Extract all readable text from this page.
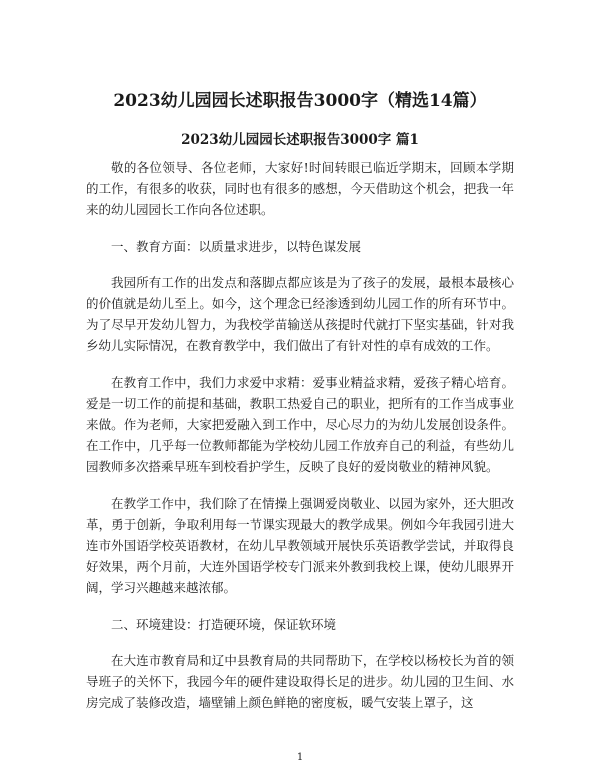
2023幼儿园园长述职报告3000字（精选14篇）
2023幼儿园园长述职报告3000字 篇1

敬的各位领导、各位老师，大家好!时间转眼已临近学期末，回顾本学期的工作，有很多的收获，同时也有很多的感想，今天借助这个机会，把我一年来的幼儿园园长工作向各位述职。

一、教育方面：以质量求进步，以特色谋发展

我园所有工作的出发点和落脚点都应该是为了孩子的发展，最根本最核心的价值就是幼儿至上。如今，这个理念已经渗透到幼儿园工作的所有环节中。为了尽早开发幼儿智力，为我校学苗输送从孩提时代就打下坚实基础，针对我乡幼儿实际情况，在教育教学中，我们做出了有针对性的卓有成效的工作。

在教育工作中，我们力求爱中求精：爱事业精益求精，爱孩子精心培育。爱是一切工作的前提和基础，教职工热爱自己的职业，把所有的工作当成事业来做。作为老师，大家把爱融入到工作中，尽心尽力的为幼儿发展创设条件。在工作中，几乎每一位教师都能为学校幼儿园工作放弃自己的利益，有些幼儿园教师多次搭乘早班车到校看护学生，反映了良好的爱岗敬业的精神风貌。

在教学工作中，我们除了在情操上强调爱岗敬业、以园为家外，还大胆改革，勇于创新，争取利用每一节课实现最大的教学成果。例如今年我园引进大连市外国语学校英语教材，在幼儿早教领域开展快乐英语教学尝试，并取得良好效果，两个月前，大连外国语学校专门派来外教到我校上课，使幼儿眼界开阔，学习兴趣越来越浓郁。

二、环境建设：打造硬环境，保证软环境

在大连市教育局和辽中县教育局的共同帮助下，在学校以杨校长为首的领导班子的关怀下，我园今年的硬件建设取得长足的进步。幼儿园的卫生间、水房完成了装修改造，墙壁铺上颜色鲜艳的密度板，暖气安装上罩子，这

1
